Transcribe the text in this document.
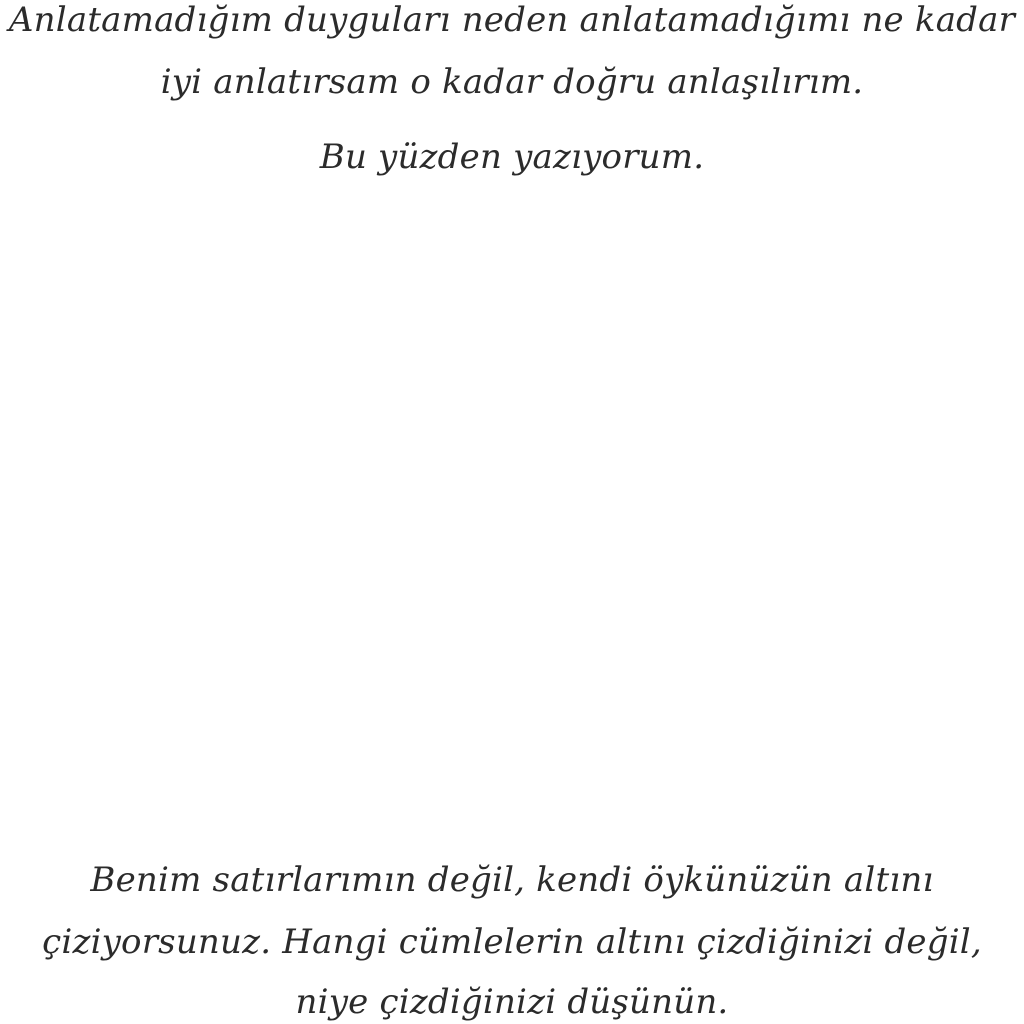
Anlatamadığım duyguları neden anlatamadığımı ne kadar
iyi anlatırsam o kadar doğru anlaşılırım.
Bu yüzden yazıyorum.
Benim satırlarımın değil, kendi öykünüzün altını
çiziyorsunuz. Hangi cümlelerin altını çizdiğinizi değil,
niye çizdiğinizi düşünün.
